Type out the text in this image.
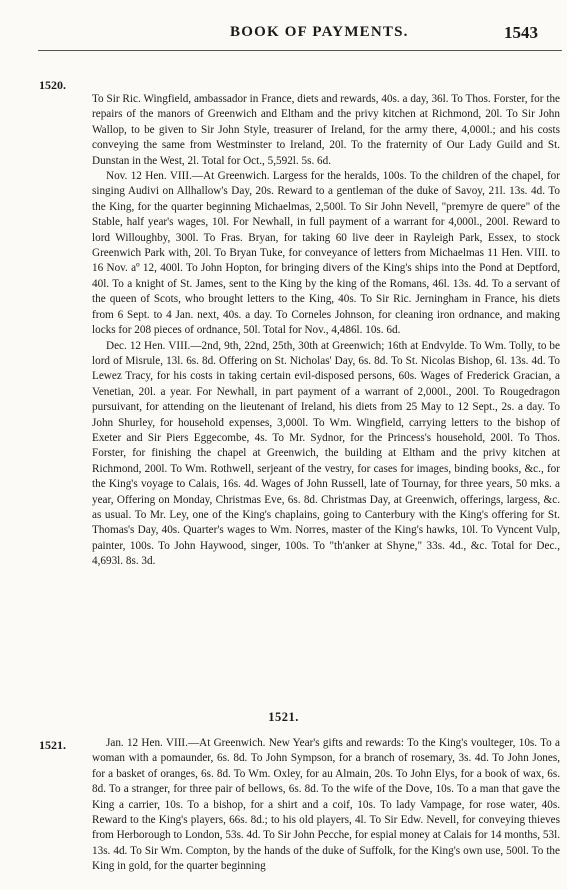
BOOK OF PAYMENTS.	1543
1520.

To Sir Ric. Wingfield, ambassador in France, diets and rewards, 40s. a day, 36l. To Thos. Forster, for the repairs of the manors of Greenwich and Eltham and the privy kitchen at Richmond, 20l. To Sir John Wallop, to be given to Sir John Style, treasurer of Ireland, for the army there, 4,000l.; and his costs conveying the same from Westminster to Ireland, 20l. To the fraternity of Our Lady Guild and St. Dunstan in the West, 2l. Total for Oct., 5,592l. 5s. 6d.

Nov. 12 Hen. VIII.—At Greenwich. Largess for the heralds, 100s. To the children of the chapel, for singing Audivi on Allhallow's Day, 20s. Reward to a gentleman of the duke of Savoy, 21l. 13s. 4d. To the King, for the quarter beginning Michaelmas, 2,500l. To Sir John Nevell, "premyre de quere" of the Stable, half year's wages, 10l. For Newhall, in full payment of a warrant for 4,000l., 200l. Reward to lord Willoughby, 300l. To Fras. Bryan, for taking 60 live deer in Rayleigh Park, Essex, to stock Greenwich Park with, 20l. To Bryan Tuke, for conveyance of letters from Michaelmas 11 Hen. VIII. to 16 Nov. aº 12, 400l. To John Hopton, for bringing divers of the King's ships into the Pond at Deptford, 40l. To a knight of St. James, sent to the King by the king of the Romans, 46l. 13s. 4d. To a servant of the queen of Scots, who brought letters to the King, 40s. To Sir Ric. Jerningham in France, his diets from 6 Sept. to 4 Jan. next, 40s. a day. To Corneles Johnson, for cleaning iron ordnance, and making locks for 208 pieces of ordnance, 50l. Total for Nov., 4,486l. 10s. 6d.

Dec. 12 Hen. VIII.—2nd, 9th, 22nd, 25th, 30th at Greenwich; 16th at Endvylde. To Wm. Tolly, to be lord of Misrule, 13l. 6s. 8d. Offering on St. Nicholas' Day, 6s. 8d. To St. Nicolas Bishop, 6l. 13s. 4d. To Lewez Tracy, for his costs in taking certain evil-disposed persons, 60s. Wages of Frederick Gracian, a Venetian, 20l. a year. For Newhall, in part payment of a warrant of 2,000l., 200l. To Rougedragon pursuivant, for attending on the lieutenant of Ireland, his diets from 25 May to 12 Sept., 2s. a day. To John Shurley, for household expenses, 3,000l. To Wm. Wingfield, carrying letters to the bishop of Exeter and Sir Piers Eggecombe, 4s. To Mr. Sydnor, for the Princess's household, 200l. To Thos. Forster, for finishing the chapel at Greenwich, the building at Eltham and the privy kitchen at Richmond, 200l. To Wm. Rothwell, serjeant of the vestry, for cases for images, binding books, &c., for the King's voyage to Calais, 16s. 4d. Wages of John Russell, late of Tournay, for three years, 50 mks. a year, Offering on Monday, Christmas Eve, 6s. 8d. Christmas Day, at Greenwich, offerings, largess, &c. as usual. To Mr. Ley, one of the King's chaplains, going to Canterbury with the King's offering for St. Thomas's Day, 40s. Quarter's wages to Wm. Norres, master of the King's hawks, 10l. To Vyncent Vulp, painter, 100s. To John Haywood, singer, 100s. To "th'anker at Shyne," 33s. 4d., &c. Total for Dec., 4,693l. 8s. 3d.

1521.
1521.	Jan. 12 Hen. VIII.—At Greenwich. New Year's gifts and rewards: To the King's voulteger, 10s. To a woman with a pomaunder, 6s. 8d. To John Sympson, for a branch of rosemary, 3s. 4d. To John Jones, for a basket of oranges, 6s. 8d. To Wm. Oxley, for au Almain, 20s. To John Elys, for a book of wax, 6s. 8d. To a stranger, for three pair of bellows, 6s. 8d. To the wife of the Dove, 10s. To a man that gave the King a carrier, 10s. To a bishop, for a shirt and a coif, 10s. To lady Vampage, for rose water, 40s. Reward to the King's players, 66s. 8d.; to his old players, 4l. To Sir Edw. Nevell, for conveying thieves from Herborough to London, 53s. 4d. To Sir John Pecche, for espial money at Calais for 14 months, 53l. 13s. 4d. To Sir Wm. Compton, by the hands of the duke of Suffolk, for the King's own use, 500l. To the King in gold, for the quarter beginning
